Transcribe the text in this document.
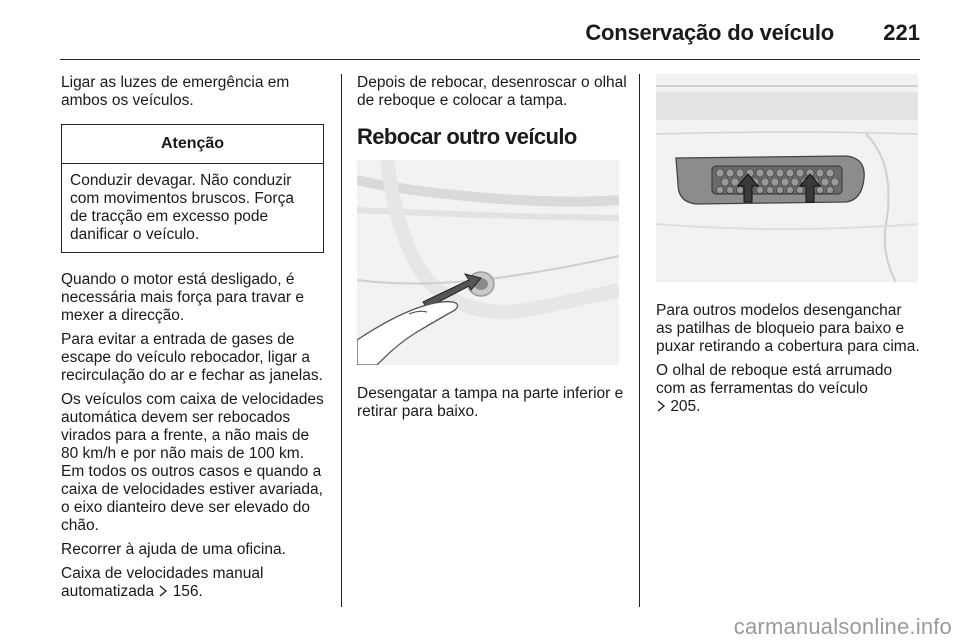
Conservação do veículo 221

Ligar as luzes de emergência em ambos os veículos.

Atenção
Conduzir devagar. Não conduzir com movimentos bruscos. Força de tracção em excesso pode danificar o veículo.

Quando o motor está desligado, é necessária mais força para travar e mexer a direcção.

Para evitar a entrada de gases de escape do veículo rebocador, ligar a recirculação do ar e fechar as janelas.

Os veículos com caixa de velocidades automática devem ser rebocados virados para a frente, a não mais de 80 km/h e por não mais de 100 km. Em todos os outros casos e quando a caixa de velocidades estiver avariada, o eixo dianteiro deve ser elevado do chão.

Recorrer à ajuda de uma oficina.

Caixa de velocidades manual automatizada 156.

Depois de rebocar, desenroscar o olhal de reboque e colocar a tampa.

Rebocar outro veículo

Desengatar a tampa na parte inferior e retirar para baixo.

Para outros modelos desenganchar as patilhas de bloqueio para baixo e puxar retirando a cobertura para cima.

O olhal de reboque está arrumado com as ferramentas do veículo
205.

carmanualsonline.info
